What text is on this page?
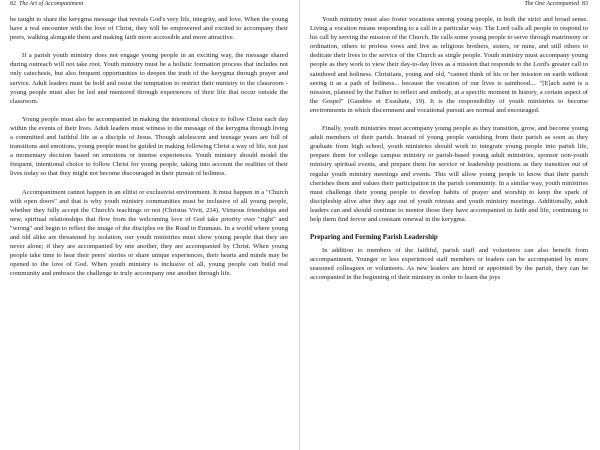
82 The Art of Accompaniment

be taught to share the kerygma message that reveals God's very life, integrity, and love. When the young have a real encounter with the love of Christ, they will be empowered and excited to accompany their peers, walking alongside them and making faith more accessible and more attractive.

If a parish youth ministry does not engage young people in an exciting way, the message shared during outreach will not take root. Youth ministry must be a holistic formation process that includes not only catechesis, but also frequent opportunities to deepen the truth of the kerygma through prayer and service. Adult leaders must be bold and resist the temptation to restrict their ministry to the classroom - young people must also be led and mentored through experiences of their life that occur outside the classroom.

Young people must also be accompanied in making the intentional choice to follow Christ each day within the events of their lives. Adult leaders must witness to the message of the kerygma through living a committed and faithful life as a disciple of Jesus. Though adolescent and teenage years are full of transitions and emotions, young people must be guided in making following Christ a way of life, not just a momentary decision based on emotions or intense experiences. Youth ministry should model the frequent, intentional choice to follow Christ for young people, taking into account the realities of their lives today so that they might not become discouraged in their pursuit of holiness.

Accompaniment cannot happen in an elitist or exclusivist environment. It must happen in a "Church with open doors" and that is why youth ministry communities must be inclusive of all young people, whether they fully accept the Church's teachings or not (Christus Vivit, 234). Virtuous friendships and new, spiritual relationships that flow from the welcoming love of God take priority over "right" and "wrong" and begin to reflect the image of the disciples on the Road to Emmaus. In a world where young and old alike are threatened by isolation, our youth ministries must show young people that they are never alone; if they are accompanied by one another, they are accompanied by Christ. When young people take time to hear their peers' stories or share unique experiences, their hearts and minds may be opened to the love of God. When youth ministry is inclusive of all, young people can build real community and embrace the challenge to truly accompany one another through life.

The One Accompanied 83

Youth ministry must also foster vocations among young people, in both the strict and broad sense. Living a vocation means responding to a call in a particular way. The Lord calls all people to respond to his call by serving the mission of the Church. He calls some young people to serve through matrimony or ordination, others to profess vows and live as religious brothers, sisters, or nuns, and still others to dedicate their lives to the service of the Church as single people. Youth ministry must accompany young people as they work to view their day-to-day lives as a mission that responds to the Lord's greater call to sainthood and holiness. Christians, young and old, "cannot think of his or her mission on earth without seeing it as a path of holiness... because the vocation of our lives is sainthood.... "[E]ach saint is a mission, planned by the Father to reflect and embody, at a specific moment in history, a certain aspect of the Gospel" (Gaudete et Exsultate, 19). It is the responsibility of youth ministries to become environments in which discernment and vocational pursuit are normal and encouraged.

Finally, youth ministries must accompany young people as they transition, grow, and become young adult members of their parish. Instead of young people vanishing from their parish as soon as they graduate from high school, youth ministries should work to integrate young people into parish life, prepare them for college campus ministry or parish-based young adult ministries, sponsor non-youth ministry spiritual events, and prepare them for service or leadership positions as they transition out of regular youth ministry meetings and events. This will allow young people to know that their parish cherishes them and values their participation in the parish community. In a similar way, youth ministries must challenge their young people to develop habits of prayer and worship to keep the spark of discipleship alive after they age out of youth retreats and youth ministry meetings. Additionally, adult leaders can and should continue to mentor those they have accompanied in faith and life, continuing to help them find fervor and constant renewal in the kerygma.

Preparing and Forming Parish Leadership

In addition to members of the faithful, parish staff and volunteers can also benefit from accompaniment. Younger or less experienced staff members or leaders can be accompanied by more seasoned colleagues or volunteers. As new leaders are hired or appointed by the parish, they can be accompanied in the beginning of their ministry in order to learn the joys
